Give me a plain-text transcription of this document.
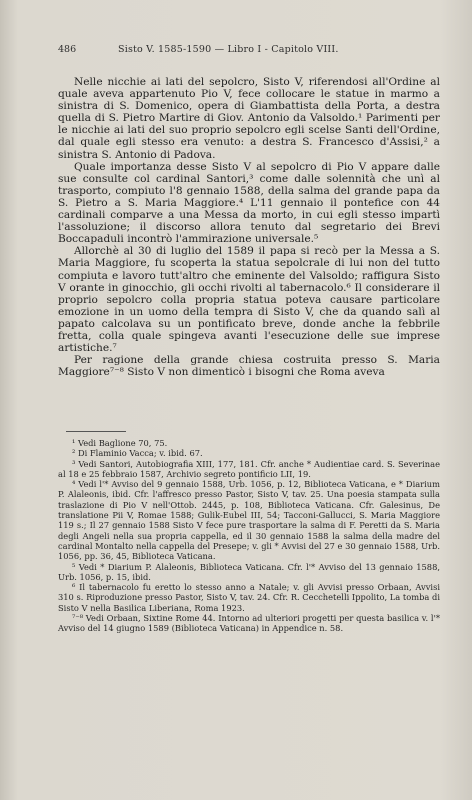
486	Sisto V. 1585-1590 — Libro I - Capitolo VIII.

Nelle nicchie ai lati del sepolcro, Sisto V, riferendosi all'Ordine al quale aveva appartenuto Pio V, fece collocare le statue in marmo a sinistra di S. Domenico, opera di Giambattista della Porta, a destra quella di S. Pietro Martire di Giov. Antonio da Valsoldo.¹ Parimenti per le nicchie ai lati del suo proprio sepolcro egli scelse Santi dell'Ordine, dal quale egli stesso era venuto: a destra S. Francesco d'Assisi,² a sinistra S. Antonio di Padova.

Quale importanza desse Sisto V al sepolcro di Pio V appare dalle sue consulte col cardinal Santori,³ come dalle solennità che unì al trasporto, compiuto l'8 gennaio 1588, della salma del grande papa da S. Pietro a S. Maria Maggiore.⁴ L'11 gennaio il pontefice con 44 cardinali comparve a una Messa da morto, in cui egli stesso impartì l'assoluzione; il discorso allora tenuto dal segretario dei Brevi Boccapaduli incontrò l'ammirazione universale.⁵

Allorchè al 30 di luglio del 1589 il papa si recò per la Messa a S. Maria Maggiore, fu scoperta la statua sepolcrale di lui non del tutto compiuta e lavoro tutt'altro che eminente del Valsoldo; raffigura Sisto V orante in ginocchio, gli occhi rivolti al tabernacolo.⁶ Il considerare il proprio sepolcro colla propria statua poteva causare particolare emozione in un uomo della tempra di Sisto V, che da quando salì al papato calcolava su un pontificato breve, donde anche la febbrile fretta, colla quale spingeva avanti l'esecuzione delle sue imprese artistiche.⁷

Per ragione della grande chiesa costruita presso S. Maria Maggiore⁷⁻⁸ Sisto V non dimenticò i bisogni che Roma aveva

¹ Vedi Baglione 70, 75.

² Di Flaminio Vacca; v. ibid. 67.

³ Vedi Santori, Autobiografia XIII, 177, 181. Cfr. anche * Audientiae card. S. Severinae al 18 e 25 febbraio 1587, Archivio segreto pontificio LII, 19.

⁴ Vedi l'* Avviso del 9 gennaio 1588, Urb. 1056, p. 12, Biblioteca Vaticana, e * Diarium P. Alaleonis, ibid. Cfr. l'affresco presso Pastor, Sisto V, tav. 25. Una poesia stampata sulla traslazione di Pio V nell'Ottob. 2445, p. 108, Biblioteca Vaticana. Cfr. Galesinus, De translatione Pii V, Romae 1588; Gulik-Eubel III, 54; Tacconi-Gallucci, S. Maria Maggiore 119 s.; Il 27 gennaio 1588 Sisto V fece pure trasportare la salma di F. Peretti da S. Maria degli Angeli nella sua propria cappella, ed il 30 gennaio 1588 la salma della madre del cardinal Montalto nella cappella del Presepe; v. gli * Avvisi del 27 e 30 gennaio 1588, Urb. 1056, pp. 36, 45, Biblioteca Vaticana.

⁵ Vedi * Diarium P. Alaleonis, Biblioteca Vaticana. Cfr. l'* Avviso del 13 gennaio 1588, Urb. 1056, p. 15, ibid.

⁶ Il tabernacolo fu eretto lo stesso anno a Natale; v. gli Avvisi presso Orbaan, Avvisi 310 s. Riproduzione presso Pastor, Sisto V, tav. 24. Cfr. R. Cecchetelli Ippolito, La tomba di Sisto V nella Basilica Liberiana, Roma 1923.

⁷⁻⁸ Vedi Orbaan, Sixtine Rome 44. Intorno ad ulteriori progetti per questa basilica v. l'* Avviso del 14 giugno 1589 (Biblioteca Vaticana) in Appendice n. 58.
